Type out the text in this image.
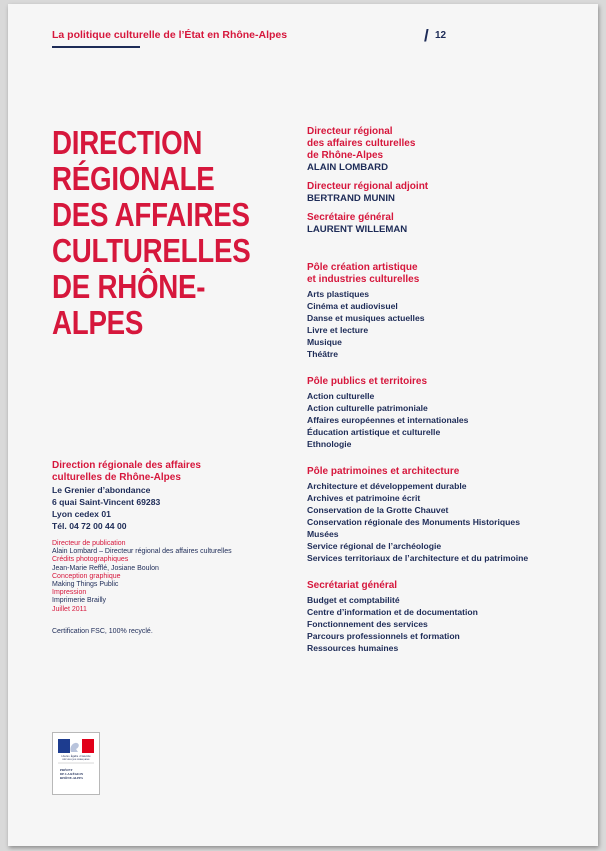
La politique culturelle de l’État en Rhône-Alpes	/ 12
DIRECTION
RÉGIONALE
DES AFFAIRES
CULTURELLES
DE RHÔNE-
ALPES
Directeur régional
des affaires culturelles
de Rhône-Alpes
ALAIN LOMBARD
Directeur régional adjoint
BERTRAND MUNIN
Secrétaire général
LAURENT WILLEMAN
Pôle création artistique
et industries culturelles
Arts plastiques
Cinéma et audiovisuel
Danse et musiques actuelles
Livre et lecture
Musique
Théâtre
Pôle publics et territoires
Action culturelle
Action culturelle patrimoniale
Affaires européennes et internationales
Éducation artistique et culturelle
Ethnologie
Pôle patrimoines et architecture
Architecture et développement durable
Archives et patrimoine écrit
Conservation de la Grotte Chauvet
Conservation régionale des Monuments Historiques
Musées
Service régional de l’archéologie
Services territoriaux de l’architecture et du patrimoine
Secrétariat général
Budget et comptabilité
Centre d’information et de documentation
Fonctionnement des services
Parcours professionnels et formation
Ressources humaines
Direction régionale des affaires
culturelles de Rhône-Alpes
Le Grenier d’abondance
6 quai Saint-Vincent 69283
Lyon cedex 01
Tél. 04 72 00 44 00
Directeur de publication
Alain Lombard – Directeur régional des affaires culturelles
Crédits photographiques
Jean-Marie Refflé, Josiane Boulon
Conception graphique
Making Things Public
Impression
Imprimerie Brailly
Juillet 2011
Certification FSC, 100% recyclé.
Liberté • Égalité • Fraternité
RÉPUBLIQUE FRANÇAISE
PRÉFET
DE LA RÉGION
RHÔNE-ALPES
